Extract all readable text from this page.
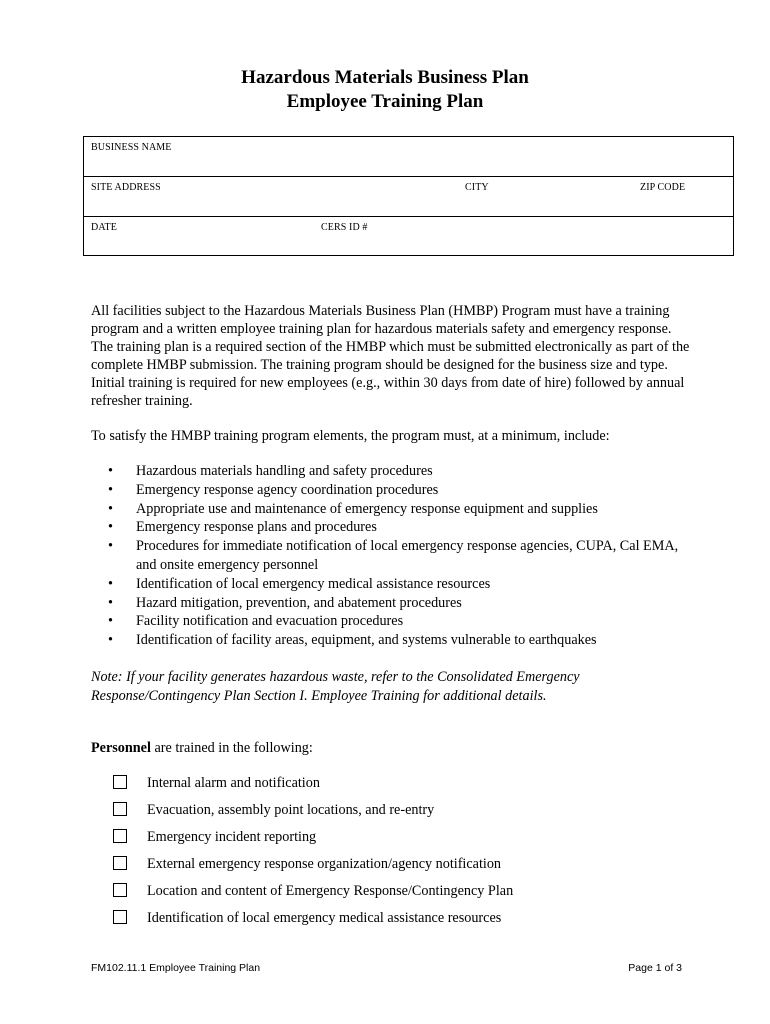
Hazardous Materials Business Plan
Employee Training Plan
BUSINESS NAME
SITE ADDRESS	CITY	ZIP CODE
DATE	CERS ID #
All facilities subject to the Hazardous Materials Business Plan (HMBP) Program must have a training program and a written employee training plan for hazardous materials safety and emergency response. The training plan is a required section of the HMBP which must be submitted electronically as part of the complete HMBP submission. The training program should be designed for the business size and type. Initial training is required for new employees (e.g., within 30 days from date of hire) followed by annual refresher training.
To satisfy the HMBP training program elements, the program must, at a minimum, include:
• Hazardous materials handling and safety procedures
• Emergency response agency coordination procedures
• Appropriate use and maintenance of emergency response equipment and supplies
• Emergency response plans and procedures
• Procedures for immediate notification of local emergency response agencies, CUPA, Cal EMA, and onsite emergency personnel
• Identification of local emergency medical assistance resources
• Hazard mitigation, prevention, and abatement procedures
• Facility notification and evacuation procedures
• Identification of facility areas, equipment, and systems vulnerable to earthquakes
Note: If your facility generates hazardous waste, refer to the Consolidated Emergency Response/Contingency Plan Section I. Employee Training for additional details.
Personnel are trained in the following:
Internal alarm and notification
Evacuation, assembly point locations, and re-entry
Emergency incident reporting
External emergency response organization/agency notification
Location and content of Emergency Response/Contingency Plan
Identification of local emergency medical assistance resources
FM102.11.1 Employee Training Plan	Page 1 of 3
